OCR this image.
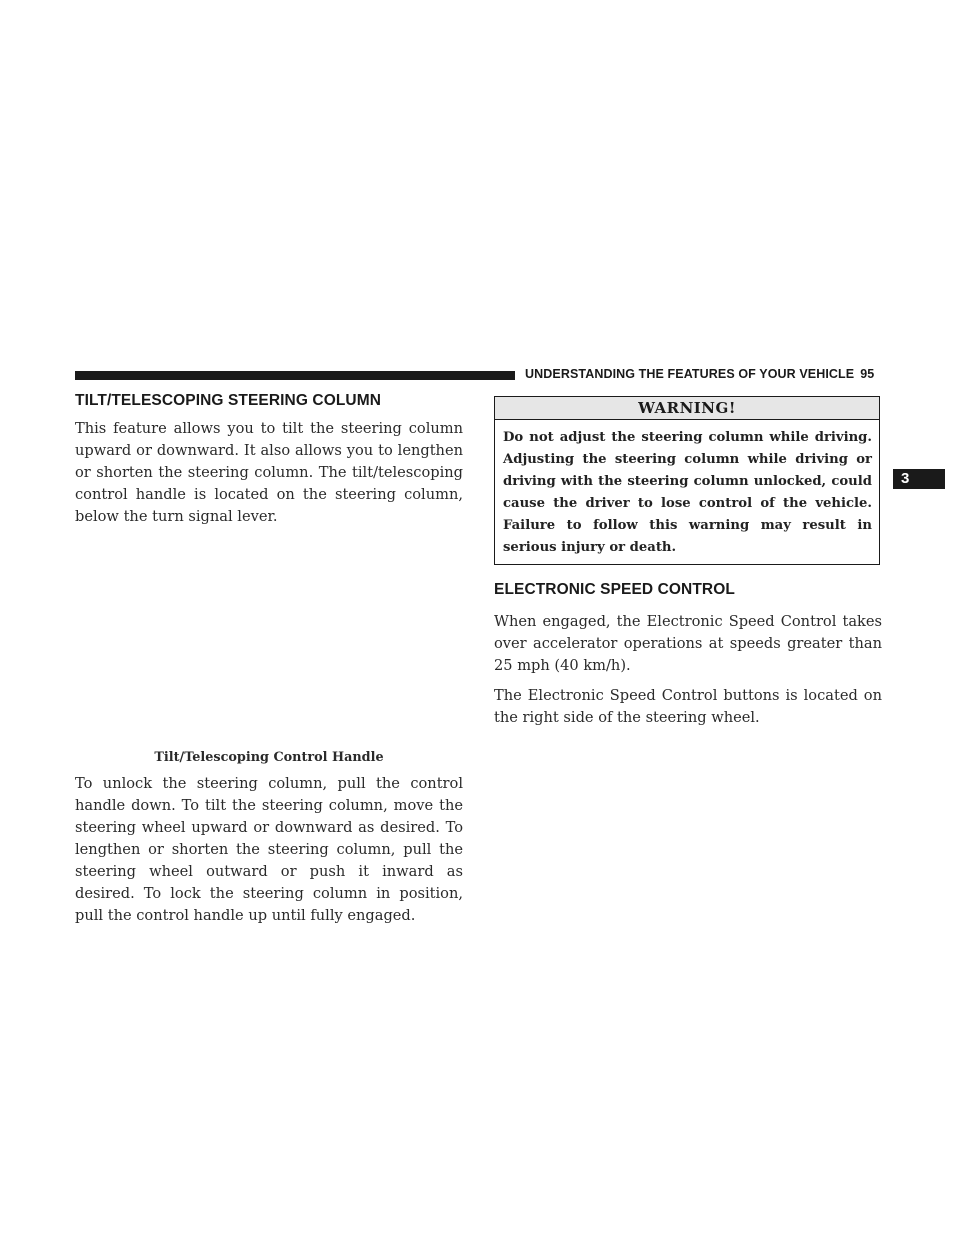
UNDERSTANDING THE FEATURES OF YOUR VEHICLE 95
3
TILT/TELESCOPING STEERING COLUMN

This feature allows you to tilt the steering column upward or downward. It also allows you to lengthen or shorten the steering column. The tilt/telescoping control handle is located on the steering column, below the turn signal lever.

Tilt/Telescoping Control Handle

To unlock the steering column, pull the control handle down. To tilt the steering column, move the steering wheel upward or downward as desired. To lengthen or shorten the steering column, pull the steering wheel outward or push it inward as desired. To lock the steering column in position, pull the control handle up until fully engaged.

WARNING!
Do not adjust the steering column while driving. Adjusting the steering column while driving or driving with the steering column unlocked, could cause the driver to lose control of the vehicle. Failure to follow this warning may result in serious injury or death.
ELECTRONIC SPEED CONTROL

When engaged, the Electronic Speed Control takes over accelerator operations at speeds greater than 25 mph (40 km/h).

The Electronic Speed Control buttons is located on the right side of the steering wheel.
